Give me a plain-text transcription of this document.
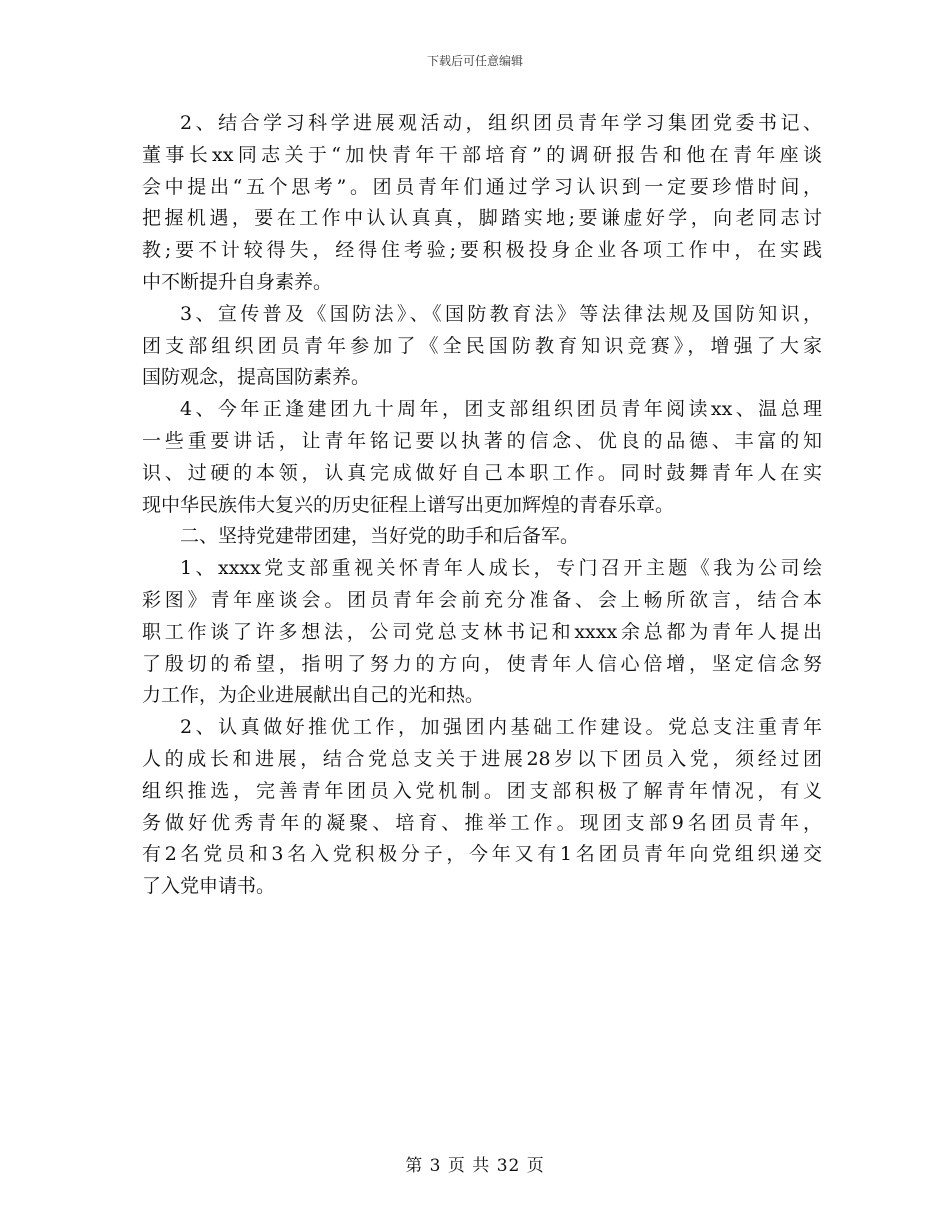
下载后可任意编辑
2、结合学习科学进展观活动，组织团员青年学习集团党委书记、
董事长xx同志关于“加快青年干部培育”的调研报告和他在青年座谈
会中提出“五个思考”。团员青年们通过学习认识到一定要珍惜时间，
把握机遇，要在工作中认认真真，脚踏实地;要谦虚好学，向老同志讨
教;要不计较得失，经得住考验;要积极投身企业各项工作中，在实践
中不断提升自身素养。
3、宣传普及《国防法》、《国防教育法》等法律法规及国防知识，
团支部组织团员青年参加了《全民国防教育知识竞赛》，增强了大家
国防观念，提高国防素养。
4、今年正逢建团九十周年，团支部组织团员青年阅读xx、温总理
一些重要讲话，让青年铭记要以执著的信念、优良的品德、丰富的知
识、过硬的本领，认真完成做好自己本职工作。同时鼓舞青年人在实
现中华民族伟大复兴的历史征程上谱写出更加辉煌的青春乐章。
二、坚持党建带团建，当好党的助手和后备军。
1、xxxx党支部重视关怀青年人成长，专门召开主题《我为公司绘
彩图》青年座谈会。团员青年会前充分准备、会上畅所欲言，结合本
职工作谈了许多想法，公司党总支林书记和xxxx余总都为青年人提出
了殷切的希望，指明了努力的方向，使青年人信心倍增，坚定信念努
力工作，为企业进展献出自己的光和热。
2、认真做好推优工作，加强团内基础工作建设。党总支注重青年
人的成长和进展，结合党总支关于进展28岁以下团员入党，须经过团
组织推选，完善青年团员入党机制。团支部积极了解青年情况，有义
务做好优秀青年的凝聚、培育、推举工作。现团支部9名团员青年，
有2名党员和3名入党积极分子，今年又有1名团员青年向党组织递交
了入党申请书。
第 3 页 共 32 页
